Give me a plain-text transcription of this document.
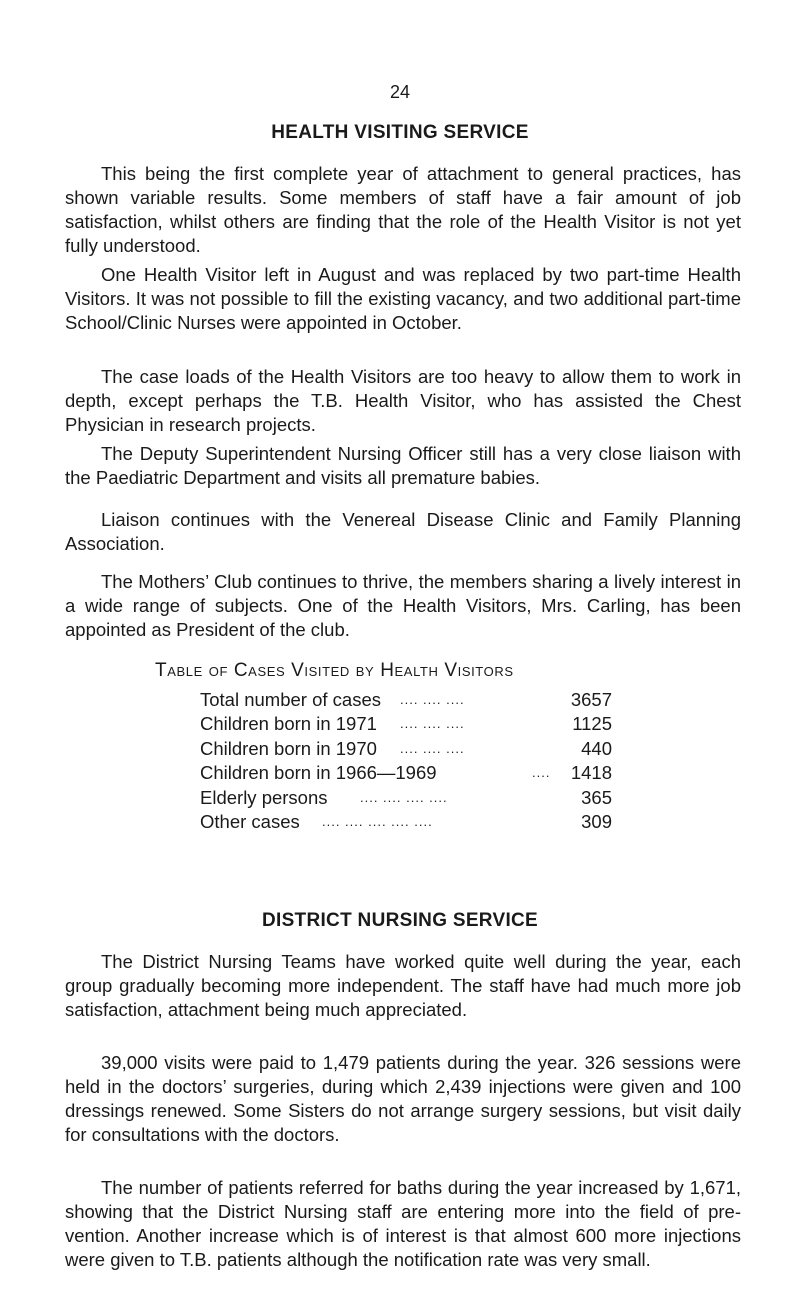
24
HEALTH VISITING SERVICE

This being the first complete year of attachment to general practices, has shown variable results. Some members of staff have a fair amount of job satisfaction, whilst others are finding that the role of the Health Visitor is not yet fully understood.

One Health Visitor left in August and was replaced by two part-time Health Visitors. It was not possible to fill the existing vacancy, and two additional part-time School/Clinic Nurses were appointed in October.

The case loads of the Health Visitors are too heavy to allow them to work in depth, except perhaps the T.B. Health Visitor, who has assisted the Chest Physician in research projects.

The Deputy Superintendent Nursing Officer still has a very close liaison with the Paediatric Department and visits all premature babies.

Liaison continues with the Venereal Disease Clinic and Family Planning Association.

The Mothers’ Club continues to thrive, the members sharing a lively interest in a wide range of subjects. One of the Health Visitors, Mrs. Carling, has been appointed as President of the club.

Table of Cases Visited by Health Visitors
Total number of cases .... .... ....	3657
Children born in 1971 .... .... ....	1125
Children born in 1970 .... .... ....	440
Children born in 1966—1969	.... 1418
Elderly persons .... .... .... ....	365
Other cases .... .... .... .... ....	309
DISTRICT NURSING SERVICE

The District Nursing Teams have worked quite well during the year, each group gradually becoming more independent. The staff have had much more job satisfaction, attachment being much appreciated.

39,000 visits were paid to 1,479 patients during the year. 326 sessions were held in the doctors’ surgeries, during which 2,439 injections were given and 100 dressings renewed. Some Sisters do not arrange surgery sessions, but visit daily for consultations with the doctors.

The number of patients referred for baths during the year increased by 1,671, showing that the District Nursing staff are entering more into the field of pre-vention. Another increase which is of interest is that almost 600 more injections were given to T.B. patients although the notification rate was very small.
